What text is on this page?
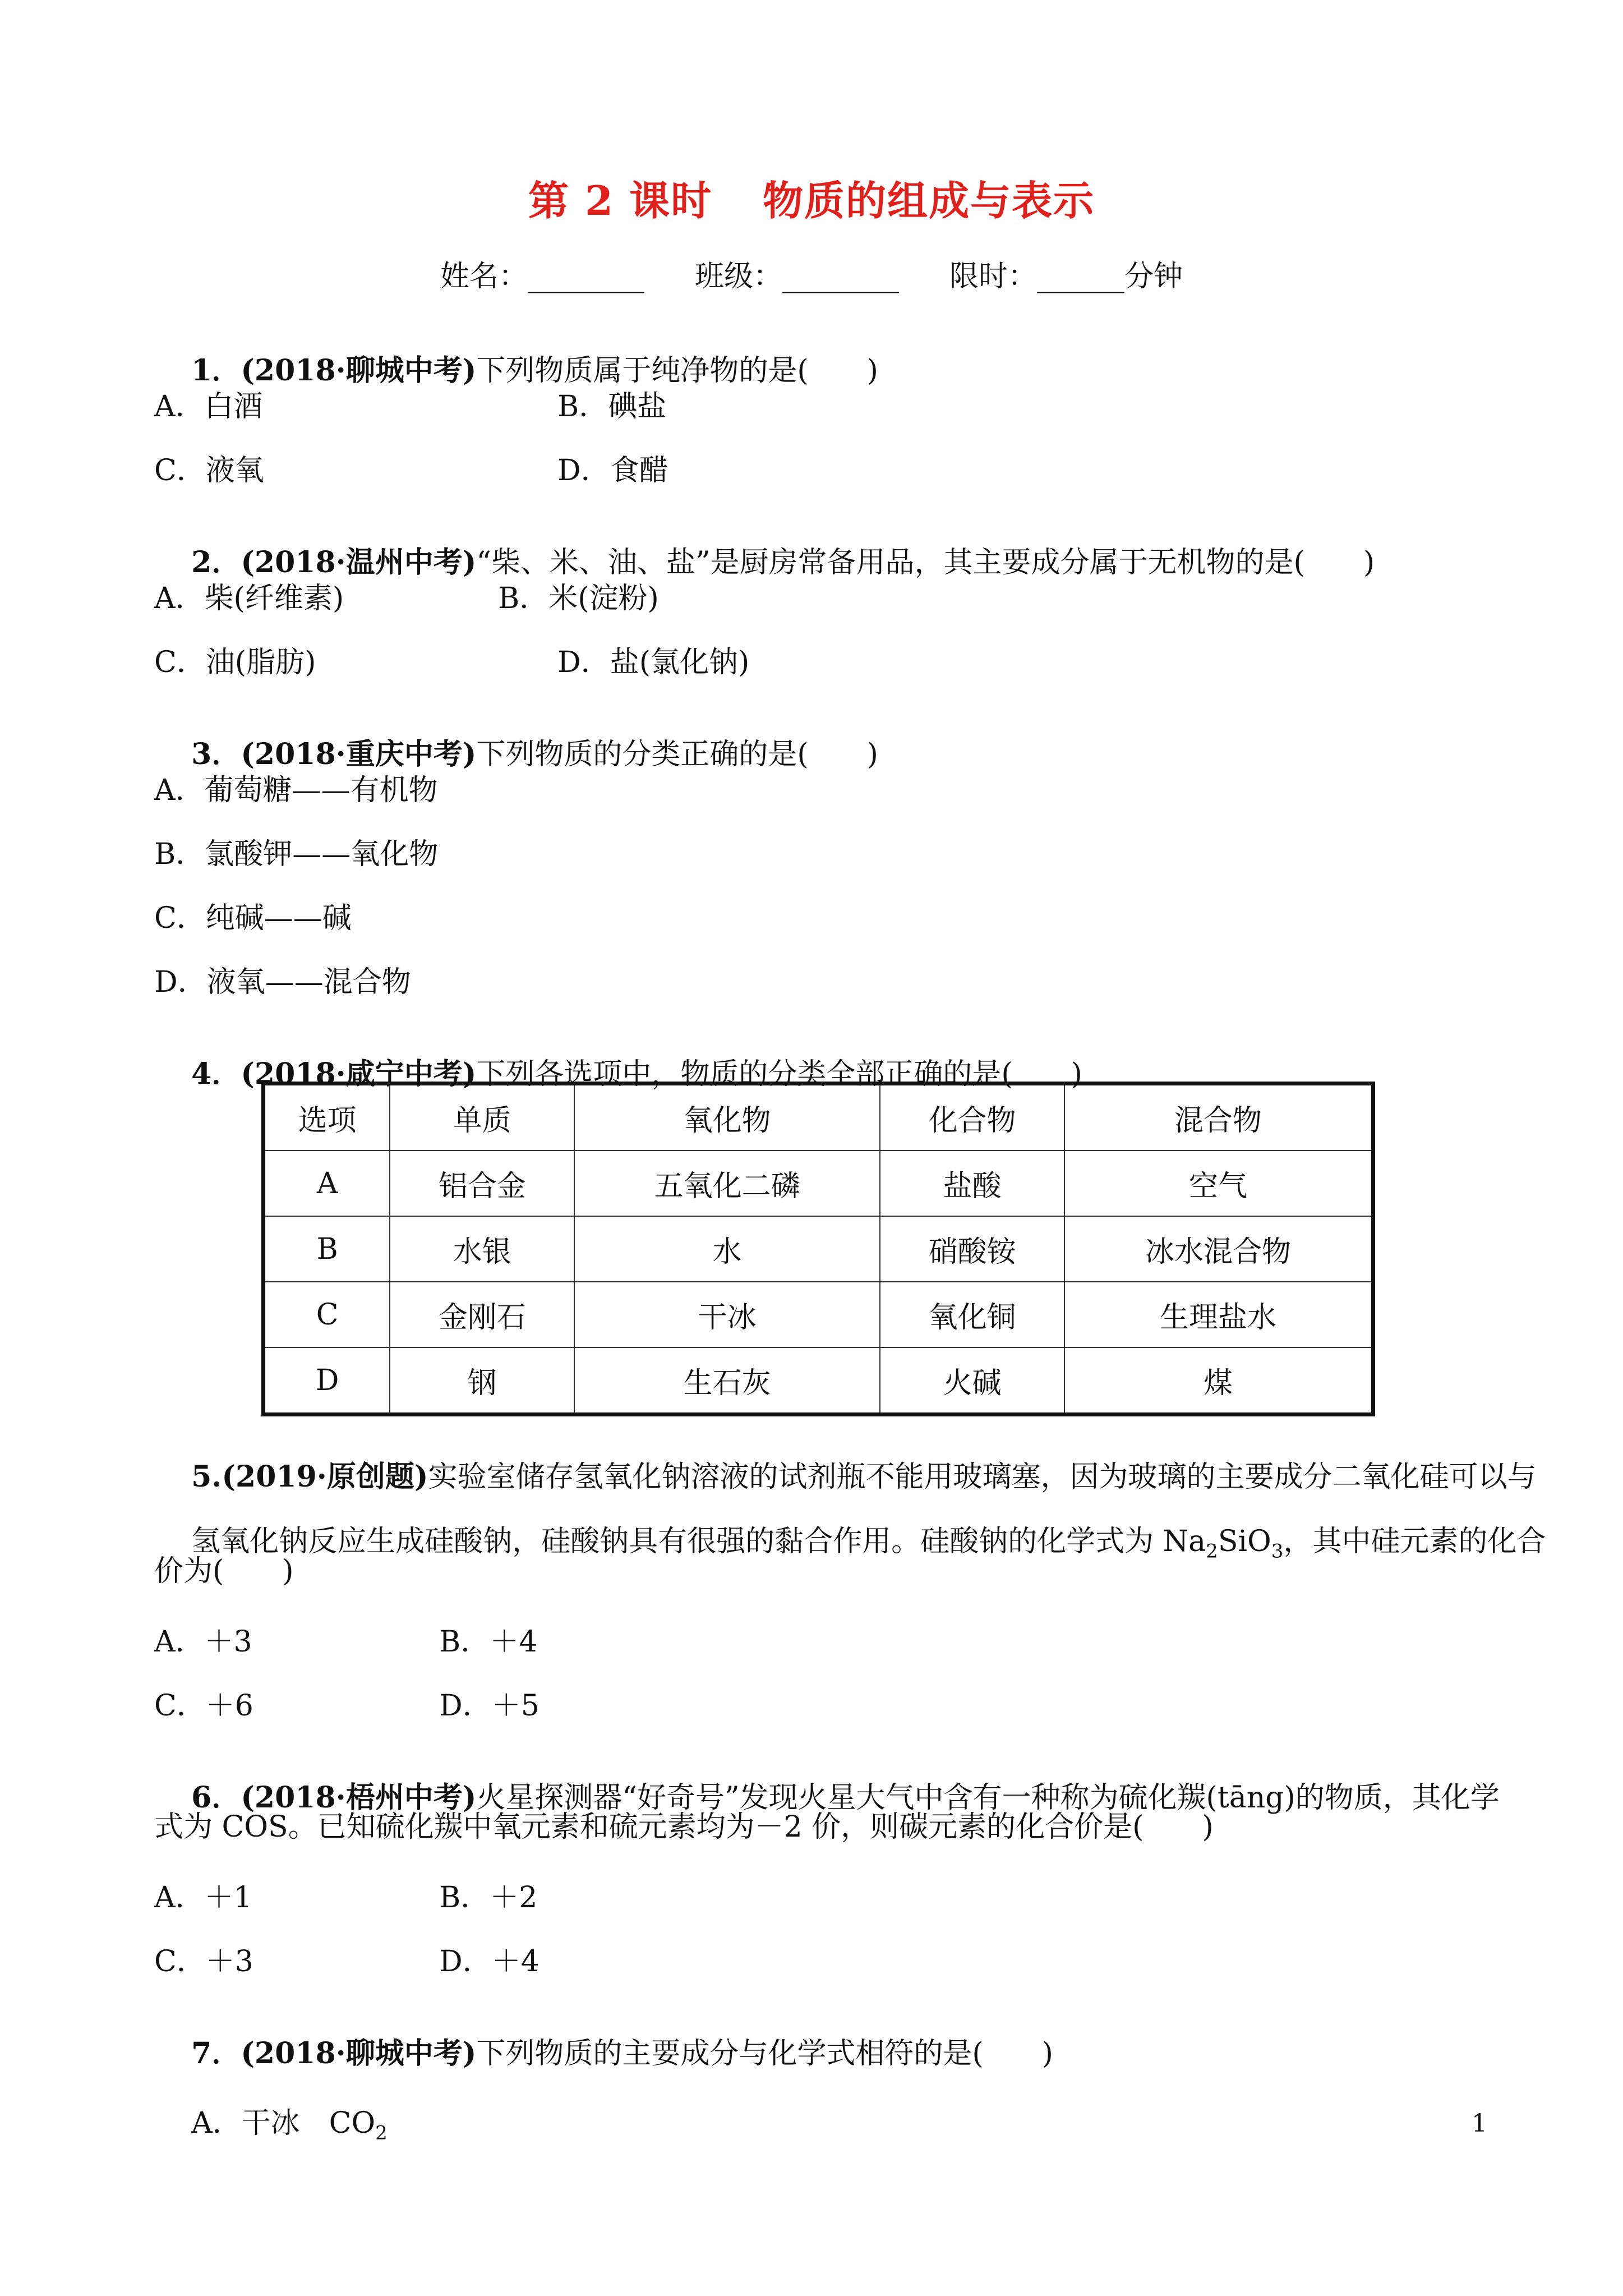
第 2 课时 物质的组成与表示
姓名：________ 班级：________ 限时：______分钟

1．(2018·聊城中考)下列物质属于纯净物的是(　　)

A．白酒	B．碘盐
C．液氧	D．食醋

2．(2018·温州中考)“柴、米、油、盐”是厨房常备用品，其主要成分属于无机物的是(　　)

A．柴(纤维素)	B．米(淀粉)
C．油(脂肪)	D．盐(氯化钠)

3．(2018·重庆中考)下列物质的分类正确的是(　　)

A．葡萄糖——有机物
B．氯酸钾——氧化物
C．纯碱——碱
D．液氧——混合物

4．(2018·咸宁中考)下列各选项中，物质的分类全部正确的是(　　)

选项	单质	氧化物	化合物	混合物
A	铝合金	五氧化二磷	盐酸	空气
B	水银	水	硝酸铵	冰水混合物
C	金刚石	干冰	氧化铜	生理盐水
D	钢	生石灰	火碱	煤

5.(2019·原创题)实验室储存氢氧化钠溶液的试剂瓶不能用玻璃塞，因为玻璃的主要成分二氧化硅可以与

氢氧化钠反应生成硅酸钠，硅酸钠具有很强的黏合作用。硅酸钠的化学式为 $Na_2SiO_3$，其中硅元素的化合

价为(　　)
A．＋3	B．＋4
C．＋6	D．＋5

6．(2018·梧州中考)火星探测器“好奇号”发现火星大气中含有一种称为硫化羰(tāng)的物质，其化学

式为 COS。已知硫化羰中氧元素和硫元素均为－2 价，则碳元素的化合价是(　　)
A．＋1	B．＋2
C．＋3	D．＋4

7．(2018·聊城中考)下列物质的主要成分与化学式相符的是(　　)

A．干冰　$CO_2$
	1
